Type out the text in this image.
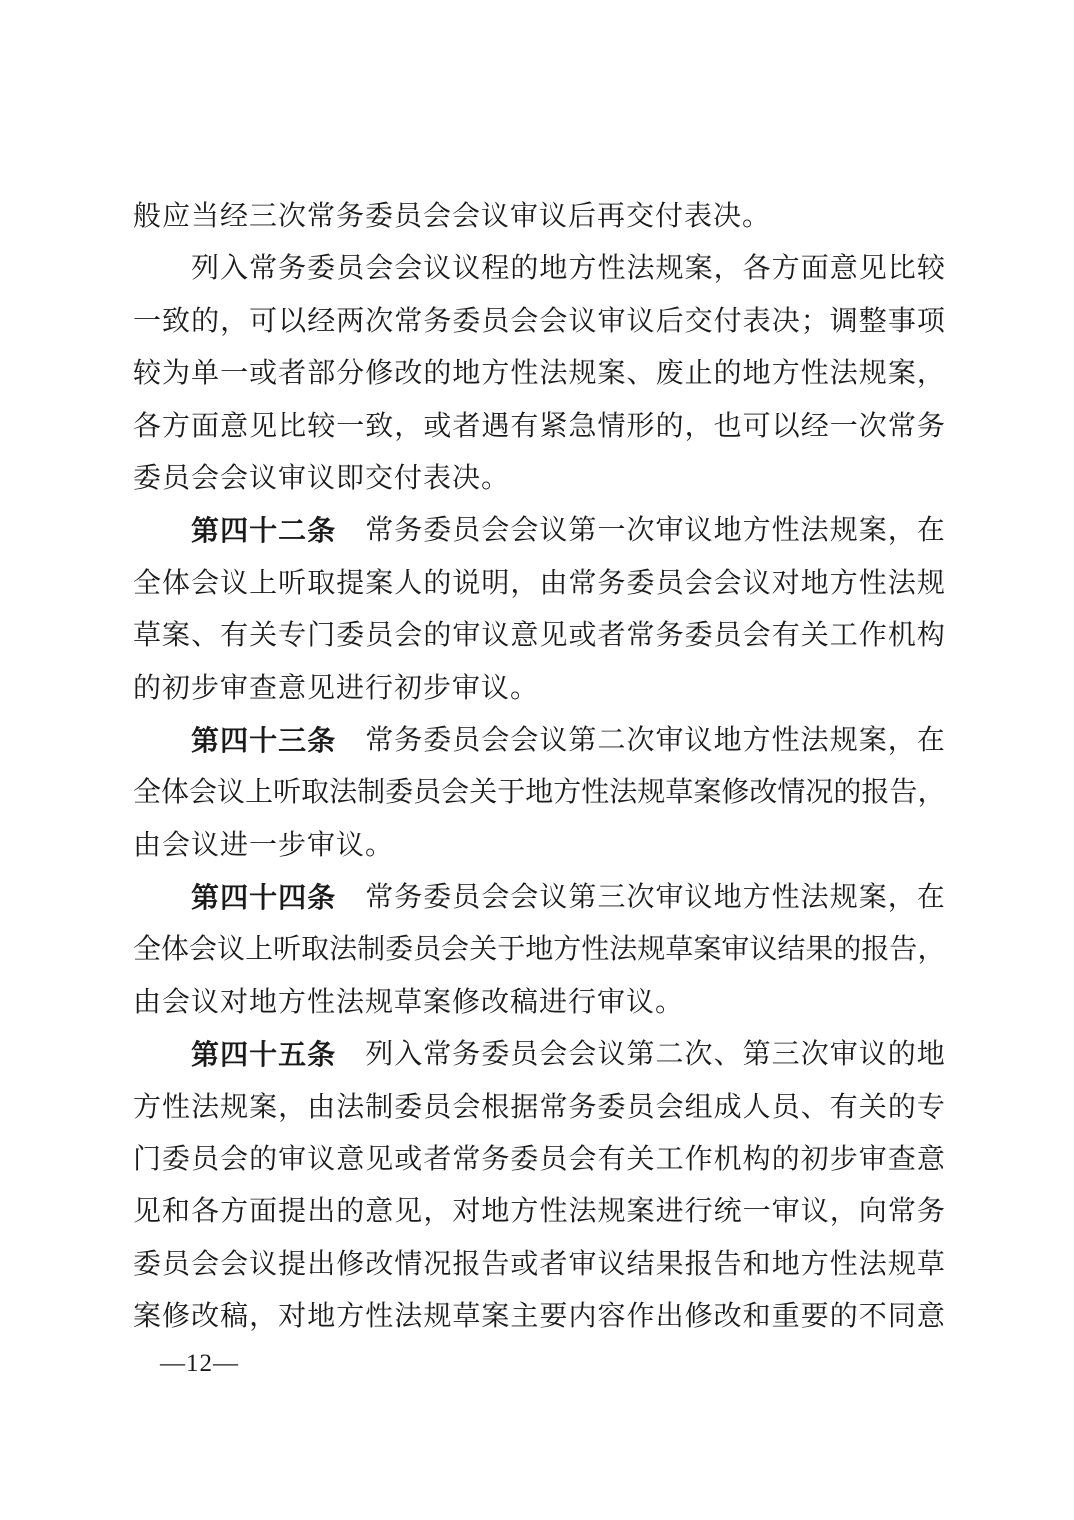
般应当经三次常务委员会会议审议后再交付表决。
列 入 常 务 委 员 会 会 议 议 程 的 地 方 性 法 规 案 ， 各 方 面 意 见 比 较
一 致 的 ， 可 以 经 两 次 常 务 委 员 会 会 议 审 议 后 交 付 表 决 ； 调 整 事 项
较 为 单 一 或 者 部 分 修 改 的 地 方 性 法 规 案 、 废 止 的 地 方 性 法 规 案 ，
各 方 面 意 见 比 较 一 致 ， 或 者 遇 有 紧 急 情 形 的 ， 也 可 以 经 一 次 常 务
委员会会议审议即交付表决。
第 四 十 二 条 常 务 委 员 会 会 议 第 一 次 审 议 地 方 性 法 规 案 ， 在
全 体 会 议 上 听 取 提 案 人 的 说 明 ， 由 常 务 委 员 会 会 议 对 地 方 性 法 规
草 案 、 有 关 专 门 委 员 会 的 审 议 意 见 或 者 常 务 委 员 会 有 关 工 作 机 构
的初步审查意见进行初步审议。
第 四 十 三 条 常 务 委 员 会 会 议 第 二 次 审 议 地 方 性 法 规 案 ， 在
全 体 会 议 上 听 取 法 制 委 员 会 关 于 地 方 性 法 规 草 案 修 改 情 况 的 报 告 ，
由会议进一步审议。
第 四 十 四 条 常 务 委 员 会 会 议 第 三 次 审 议 地 方 性 法 规 案 ， 在
全 体 会 议 上 听 取 法 制 委 员 会 关 于 地 方 性 法 规 草 案 审 议 结 果 的 报 告 ，
由会议对地方性法规草案修改稿进行审议。
第 四 十 五 条 列 入 常 务 委 员 会 会 议 第 二 次 、 第 三 次 审 议 的 地
方 性 法 规 案 ， 由 法 制 委 员 会 根 据 常 务 委 员 会 组 成 人 员 、 有 关 的 专
门 委 员 会 的 审 议 意 见 或 者 常 务 委 员 会 有 关 工 作 机 构 的 初 步 审 查 意
见 和 各 方 面 提 出 的 意 见 ， 对 地 方 性 法 规 案 进 行 统 一 审 议 ， 向 常 务
委 员 会 会 议 提 出 修 改 情 况 报 告 或 者 审 议 结 果 报 告 和 地 方 性 法 规 草
案 修 改 稿 ， 对 地 方 性 法 规 草 案 主 要 内 容 作 出 修 改 和 重 要 的 不 同 意
—12—
